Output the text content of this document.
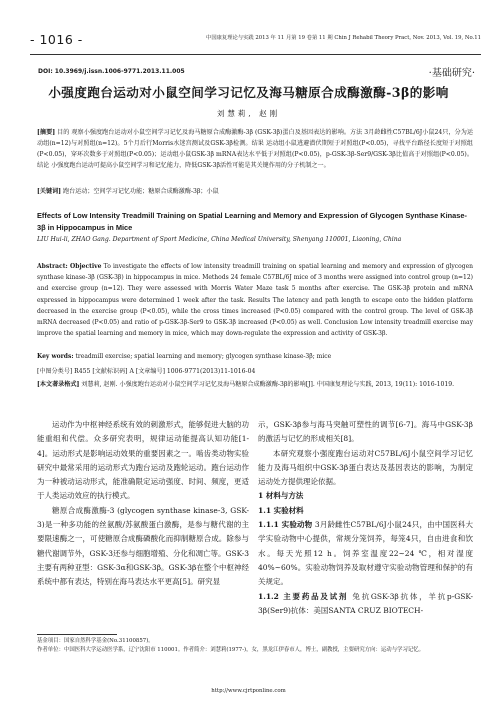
- 1016 -	中国康复理论与实践 2013 年 11 月第 19 卷第 11 期 Chin J Rehabil Theory Pract, Nov. 2013, Vol. 19, No.11
DOI: 10.3969/j.issn.1006-9771.2013.11.005	·基础研究·
小强度跑台运动对小鼠空间学习记忆及海马糖原合成酶激酶-3β的影响
刘慧莉, 赵刚
[摘要] 目的 观察小强度跑台运动对小鼠空间学习记忆及海马糖原合成酶激酶-3β (GSK-3β)蛋白及基因表达的影响。方法 3月龄雌性C57BL/6J小鼠24只，分为运动组(n=12)与对照组(n=12)。5个月后行Morris水迷宫测试及GSK-3β检测。结果 运动组小鼠逃避潜伏期短于对照组(P<0.05)，寻找平台路径长度短于对照组(P<0.05)，穿环次数多于对照组(P<0.05)；运动组小鼠GSK-3β mRNA表达水平低于对照组(P<0.05)，p-GSK-3β-Ser9/GSK-3β比值高于对照组(P<0.05)。结论 小强度跑台运动可提高小鼠空间学习和记忆能力，降低GSK-3β活性可能是其关键作用的分子机制之一。
[关键词] 跑台运动；空间学习记忆功能；糖原合成酶激酶-3β；小鼠
Effects of Low Intensity Treadmill Training on Spatial Learning and Memory and Expression of Glycogen Synthase Kinase-3β in Hippocampus in Mice
LIU Hui-li, ZHAO Gang. Department of Sport Medicine, China Medical University, Shenyang 110001, Liaoning, China
Abstract: Objective To investigate the effects of low intensity treadmill training on spatial learning and memory and expression of glycogen synthase kinase-3β (GSK-3β) in hippocampus in mice. Methods 24 female C57BL/6J mice of 3 months were assigned into control group (n=12) and exercise group (n=12). They were assessed with Morris Water Maze task 5 months after exercise. The GSK-3β protein and mRNA expressed in hippocampus were determined 1 week after the task. Results The latency and path length to escape onto the hidden platform decreased in the exercise group (P<0.05), while the cross times increased (P<0.05) compared with the control group. The level of GSK-3β mRNA decreased (P<0.05) and ratio of p-GSK-3β-Ser9 to GSK-3β increased (P<0.05) as well. Conclusion Low intensity treadmill exercise may improve the spatial learning and memory in mice, which may down-regulate the expression and activity of GSK-3β.
Key words: treadmill exercise; spatial learning and memory; glycogen synthase kinase-3β; mice
[中图分类号] R455 [文献标识码] A [文章编号] 1006-9771(2013)11-1016-04
[本文著录格式] 刘慧莉, 赵刚. 小强度跑台运动对小鼠空间学习记忆及海马糖原合成酶激酶-3β的影响[J]. 中国康复理论与实践, 2013, 19(11): 1016-1019.

运动作为中枢神经系统有效的刺激形式，能够促进大脑的功能重组和代偿。众多研究表明，规律运动能提高认知功能[1-4]。运动形式是影响运动效果的重要因素之一。啮齿类动物实验研究中最常采用的运动形式为跑台运动及跑轮运动。跑台运动作为一种被动运动形式，能准确限定运动强度、时间、频度，更适于人类运动效应的执行模式。

糖原合成酶激酶-3 (glycogen synthase kinase-3, GSK-3)是一种多功能的丝氨酸/苏氨酸蛋白激酶，是参与糖代谢的主要限速酶之一，可使糖原合成酶磷酸化而抑制糖原合成。除参与糖代谢调节外，GSK-3还参与细胞增殖、分化和凋亡等。GSK-3主要有两种亚型：GSK-3α和GSK-3β。GSK-3β在整个中枢神经系统中都有表达，特别在海马表达水平更高[5]。研究显

示，GSK-3β参与海马突触可塑性的调节[6-7]。海马中GSK-3β的激活与记忆的形成相关[8]。

本研究观察小强度跑台运动对C57BL/6J小鼠空间学习记忆能力及海马组织中GSK-3β蛋白表达及基因表达的影响，为制定运动处方提供理论依据。

1 材料与方法
1.1 实验材料
1.1.1 实验动物 3月龄雌性C57BL/6J小鼠24只，由中国医科大学实验动物中心提供，常规分笼饲养，每笼4只，自由进食和饮水。每天光照12 h。饲养室温度22~24 ℃，相对湿度40%~60%。实验动物饲养及取材遵守实验动物管理和保护的有关规定。
1.1.2 主要药品及试剂 兔抗GSK-3β抗体，羊抗p-GSK-3β(Ser9)抗体：美国SANTA CRUZ BIOTECH-
基金项目：国家自然科学基金(No.31100857)。
作者单位：中国医科大学运动医学系，辽宁沈阳市 110001。作者简介：刘慧莉(1977-)，女，黑龙江伊春市人，博士，副教授，主要研究方向：运动与学习记忆。
http://www.cjrtponline.com
